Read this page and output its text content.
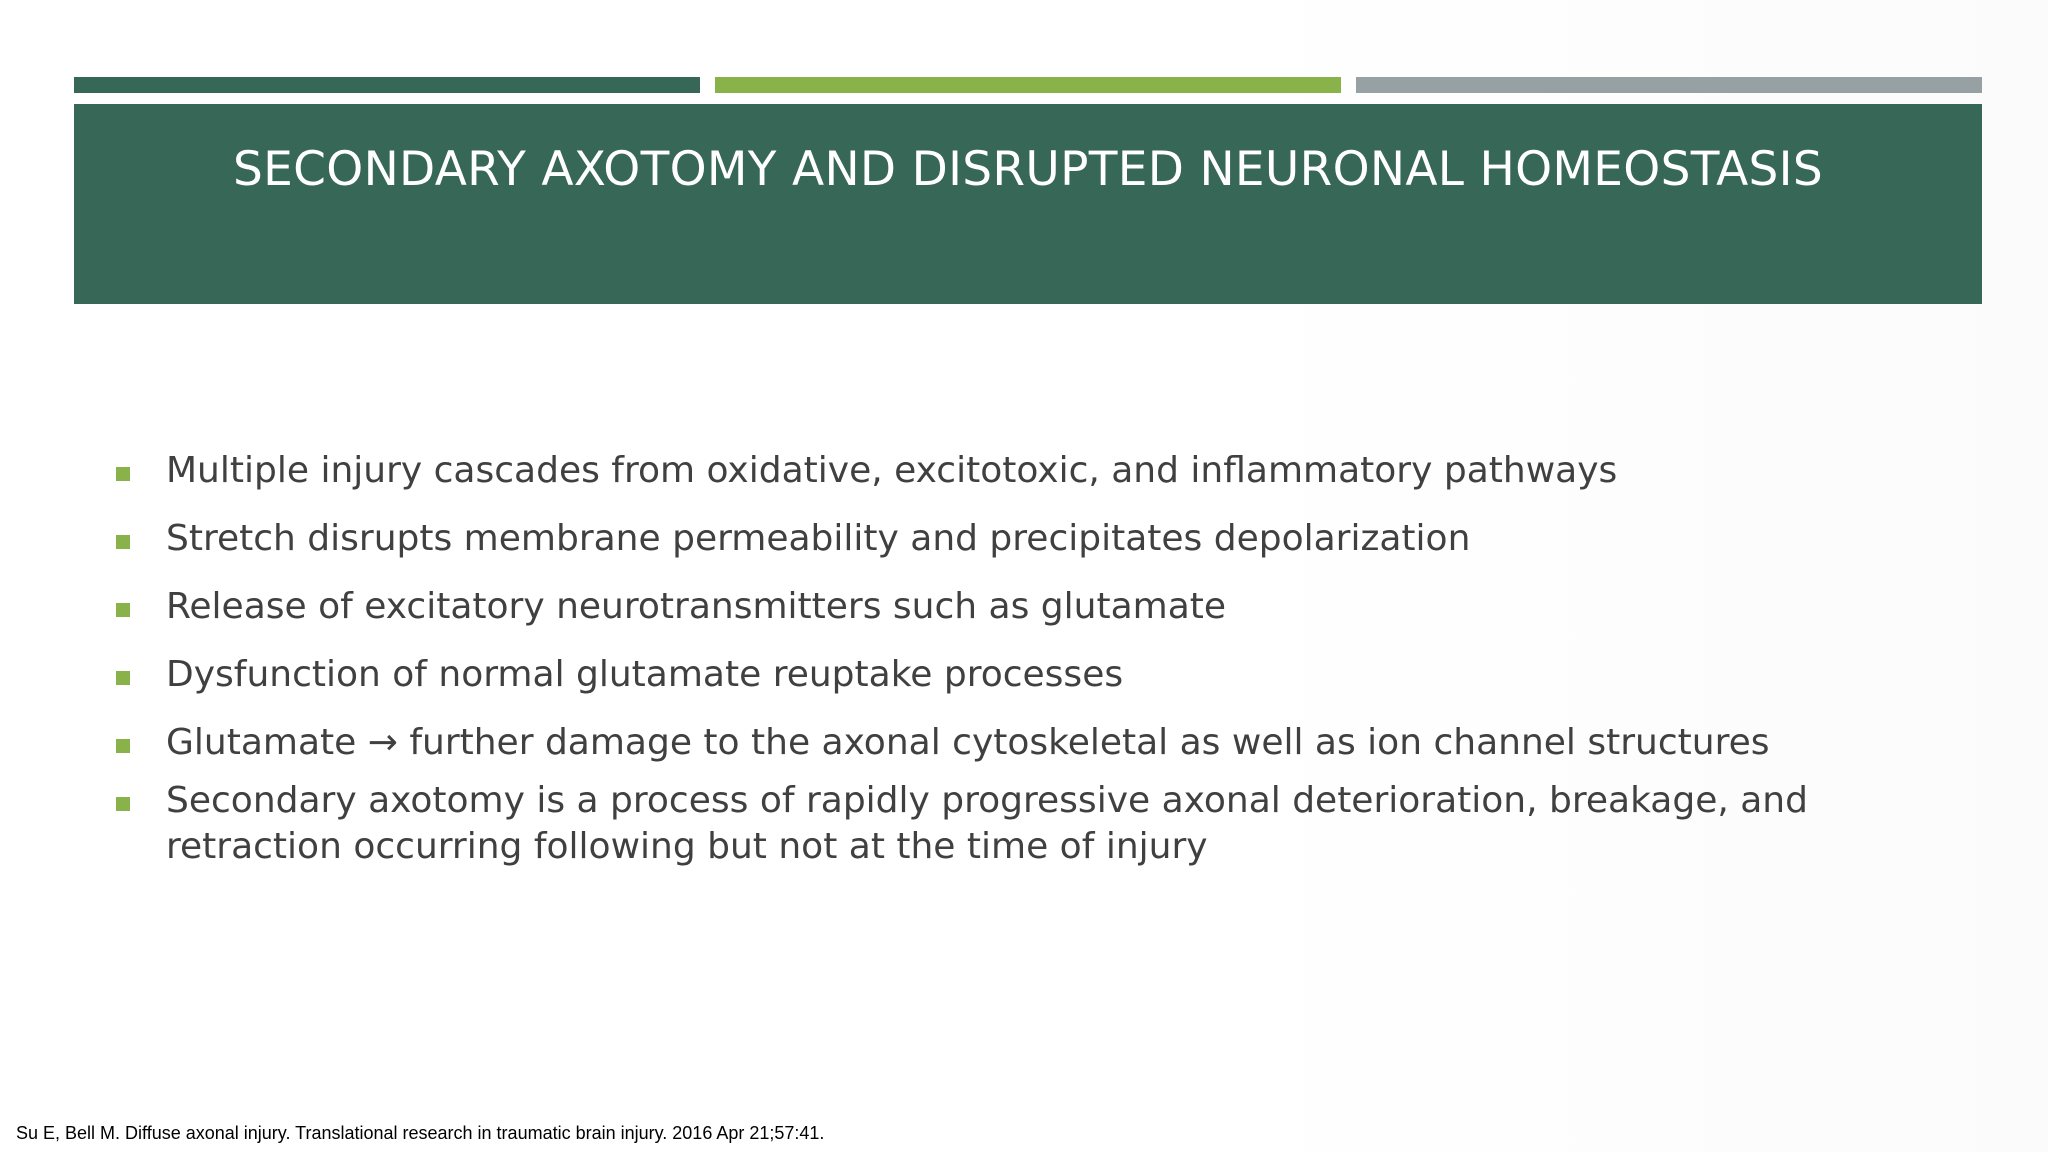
SECONDARY AXOTOMY AND DISRUPTED NEURONAL HOMEOSTASIS
Multiple injury cascades from oxidative, excitotoxic, and inflammatory pathways
Stretch disrupts membrane permeability and precipitates depolarization
Release of excitatory neurotransmitters such as glutamate
Dysfunction of normal glutamate reuptake processes
Glutamate → further damage to the axonal cytoskeletal as well as ion channel structures
Secondary axotomy is a process of rapidly progressive axonal deterioration, breakage, and retraction occurring following but not at the time of injury
Su E, Bell M. Diffuse axonal injury. Translational research in traumatic brain injury. 2016 Apr 21;57:41.
